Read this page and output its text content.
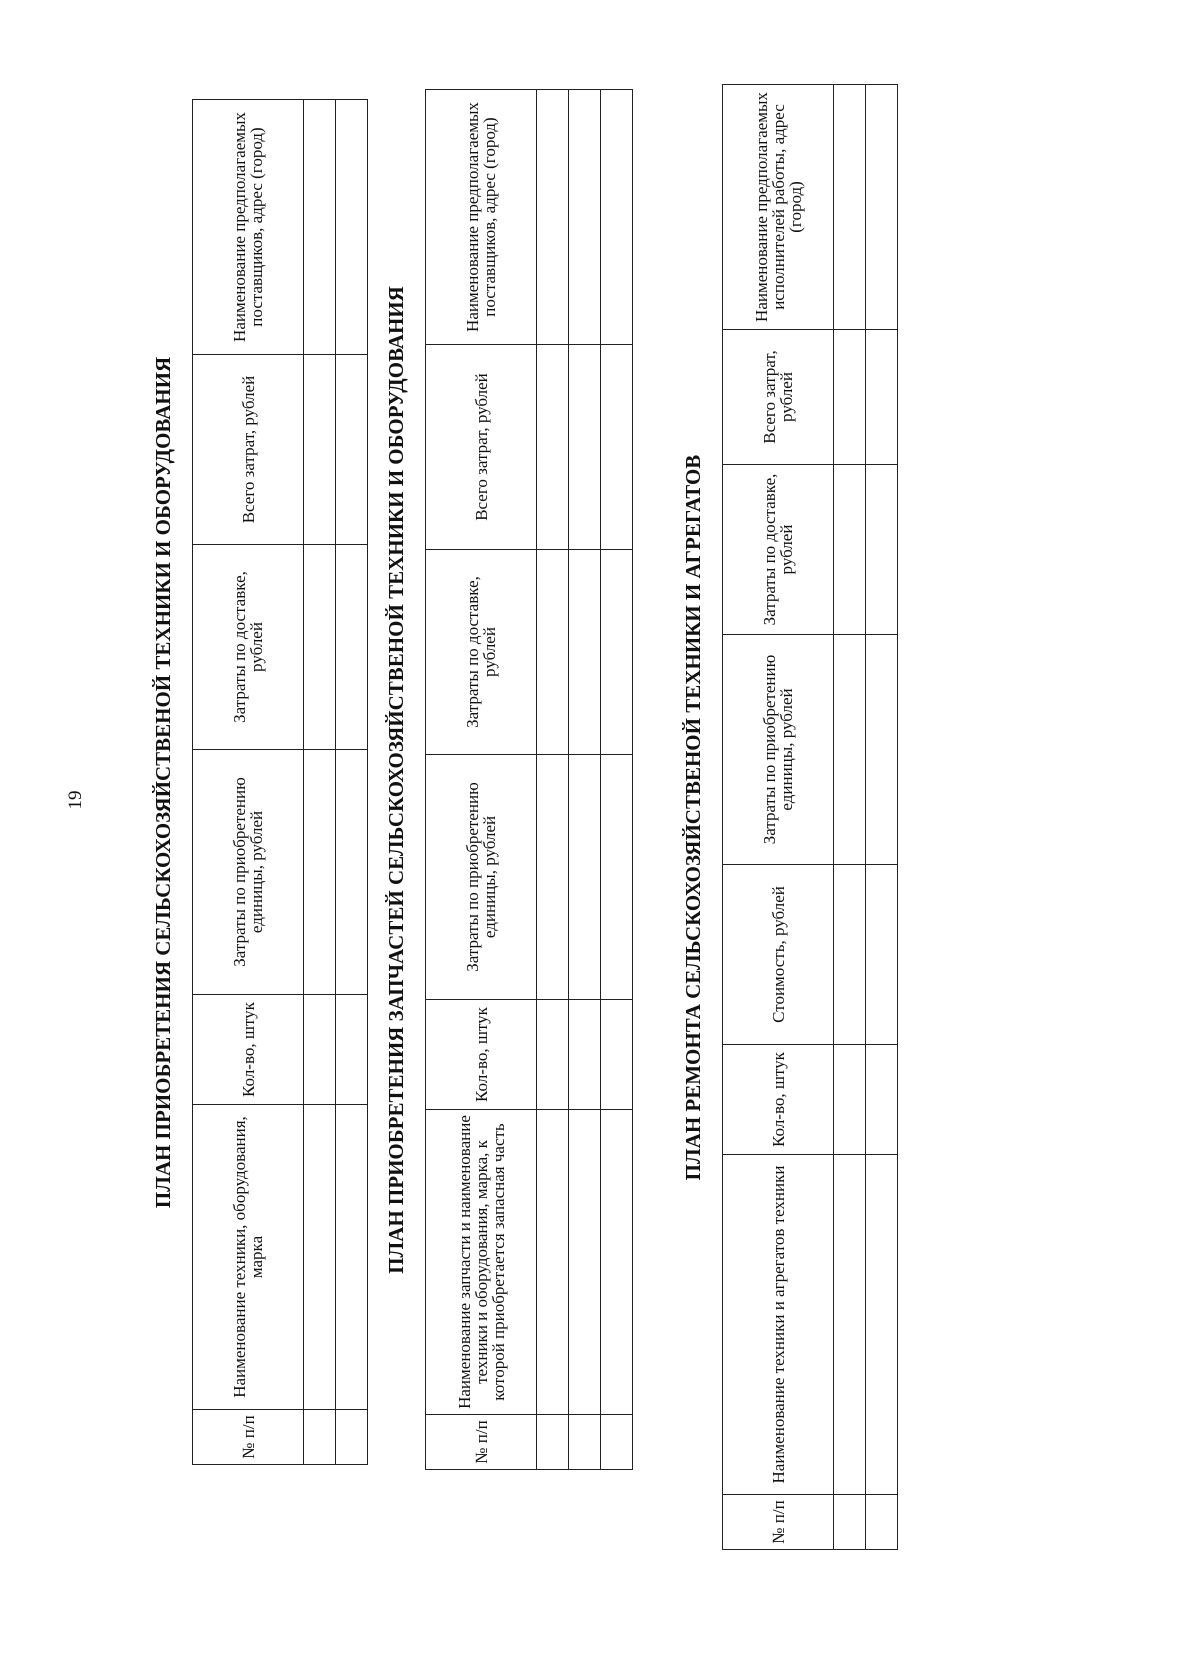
19	ПЛАН ПРИОБРЕТЕНИЯ СЕЛЬСКОХОЗЯЙСТВЕНОЙ ТЕХНИКИ И ОБОРУДОВАНИЯ
№ п/п	Наименование техники, оборудования, марка	Кол-во, штук	Затраты по приобретению единицы, рублей	Затраты по доставке, рублей	Всего затрат, рублей	Наименование предполагаемых поставщиков, адрес (город)

ПЛАН ПРИОБРЕТЕНИЯ ЗАПЧАСТЕЙ СЕЛЬСКОХОЗЯЙСТВЕНОЙ ТЕХНИКИ И ОБОРУДОВАНИЯ
№ п/п	Наименование запчасти и наименование техники и оборудования, марка, к которой приобретается запасная часть	Кол-во, штук	Затраты по приобретению единицы, рублей	Затраты по доставке, рублей	Всего затрат, рублей	Наименование предполагаемых поставщиков, адрес (город)

ПЛАН РЕМОНТА СЕЛЬСКОХОЗЯЙСТВЕНОЙ ТЕХНИКИ И АГРЕГАТОВ
№ п/п	Наименование техники и агрегатов техники	Кол-во, штук	Стоимость, рублей	Затраты по приобретению единицы, рублей	Затраты по доставке, рублей	Всего затрат, рублей	Наименование предполагаемых исполнителей работы, адрес (город)
